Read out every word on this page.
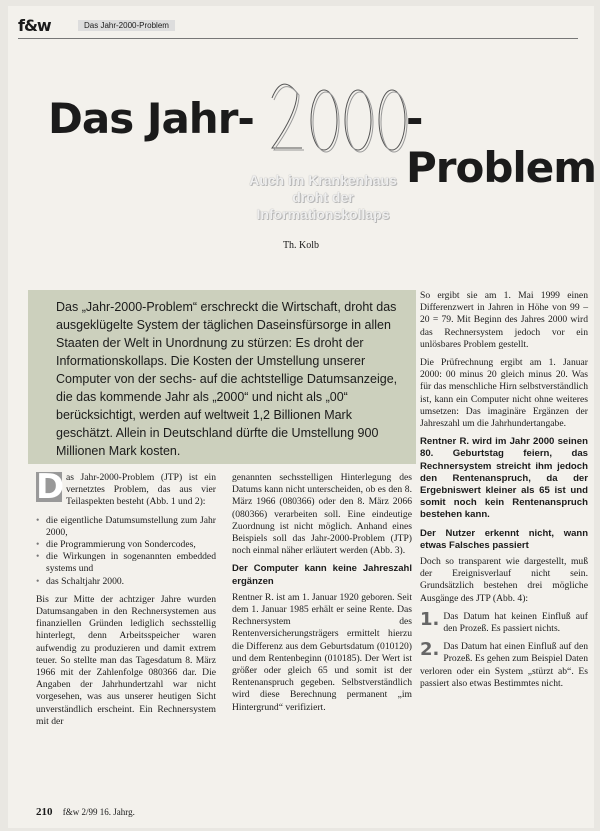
f&w	Das Jahr-2000-Problem
Das Jahr-
2000
-Problem
Auch im Krankenhaus
droht der
Informationskollaps
Th. Kolb
Das „Jahr-2000-Problem“ erschreckt die Wirtschaft, droht das ausgeklügelte System der täglichen Daseinsfürsorge in allen Staaten der Welt in Unordnung zu stürzen: Es droht der Informationskollaps. Die Kosten der Umstellung unserer Computer von der sechs- auf die achtstellige Datumsanzeige, die das kommende Jahr als „2000“ und nicht als „00“ berücksichtigt, werden auf weltweit 1,2 Billionen Mark geschätzt. Allein in Deutschland dürfte die Umstellung 900 Millionen Mark kosten.

D as Jahr-2000-Problem (JTP) ist ein vernetztes Problem, das aus vier Teilaspekten besteht (Abb. 1 und 2):

• die eigentliche Datumsumstellung zum Jahr 2000,
• die Programmierung von Sondercodes,
• die Wirkungen in sogenannten embedded systems und
• das Schaltjahr 2000.

Bis zur Mitte der achtziger Jahre wurden Datumsangaben in den Rechnersystemen aus finanziellen Gründen lediglich sechsstellig hinterlegt, denn Arbeitsspeicher waren aufwendig zu produzieren und damit extrem teuer. So stellte man das Tagesdatum 8. März 1966 mit der Zahlenfolge 080366 dar. Die Angaben der Jahrhundertzahl war nicht vorgesehen, was aus unserer heutigen Sicht unverständlich erscheint. Ein Rechnersystem mit der

genannten sechsstelligen Hinterlegung des Datums kann nicht unterscheiden, ob es den 8. März 1966 (080366) oder den 8. März 2066 (080366) verarbeiten soll. Eine eindeutige Zuordnung ist nicht möglich. Anhand eines Beispiels soll das Jahr-2000-Problem (JTP) noch einmal näher erläutert werden (Abb. 3).

Der Computer kann keine Jahreszahl ergänzen

Rentner R. ist am 1. Januar 1920 geboren. Seit dem 1. Januar 1985 erhält er seine Rente. Das Rechnersystem des Rentenversicherungsträgers ermittelt hierzu die Differenz aus dem Geburtsdatum (010120) und dem Rentenbeginn (010185). Der Wert ist größer oder gleich 65 und somit ist der Rentenanspruch gegeben. Selbstverständlich wird diese Berechnung permanent „im Hintergrund“ verifiziert.

So ergibt sie am 1. Mai 1999 einen Differenzwert in Jahren in Höhe von 99 – 20 = 79. Mit Beginn des Jahres 2000 wird das Rechnersystem jedoch vor ein unlösbares Problem gestellt.

Die Prüfrechnung ergibt am 1. Januar 2000: 00 minus 20 gleich minus 20. Was für das menschliche Hirn selbstverständlich ist, kann ein Computer nicht ohne weiteres umsetzen: Das imaginäre Ergänzen der Jahreszahl um die Jahrhundertangabe.

Rentner R. wird im Jahr 2000 seinen 80. Geburtstag feiern, das Rechnersystem streicht ihm jedoch den Rentenanspruch, da der Ergebniswert kleiner als 65 ist und somit noch kein Rentenanspruch bestehen kann.

Der Nutzer erkennt nicht, wann etwas Falsches passiert

Doch so transparent wie dargestellt, muß der Ereignisverlauf nicht sein. Grundsätzlich bestehen drei mögliche Ausgänge des JTP (Abb. 4):

1. Das Datum hat keinen Einfluß auf den Prozeß. Es passiert nichts.

2. Das Datum hat einen Einfluß auf den Prozeß. Es gehen zum Beispiel Daten verloren oder ein System „stürzt ab“. Es passiert also etwas Bestimmtes nicht.

210 f&w 2/99 16. Jahrg.
